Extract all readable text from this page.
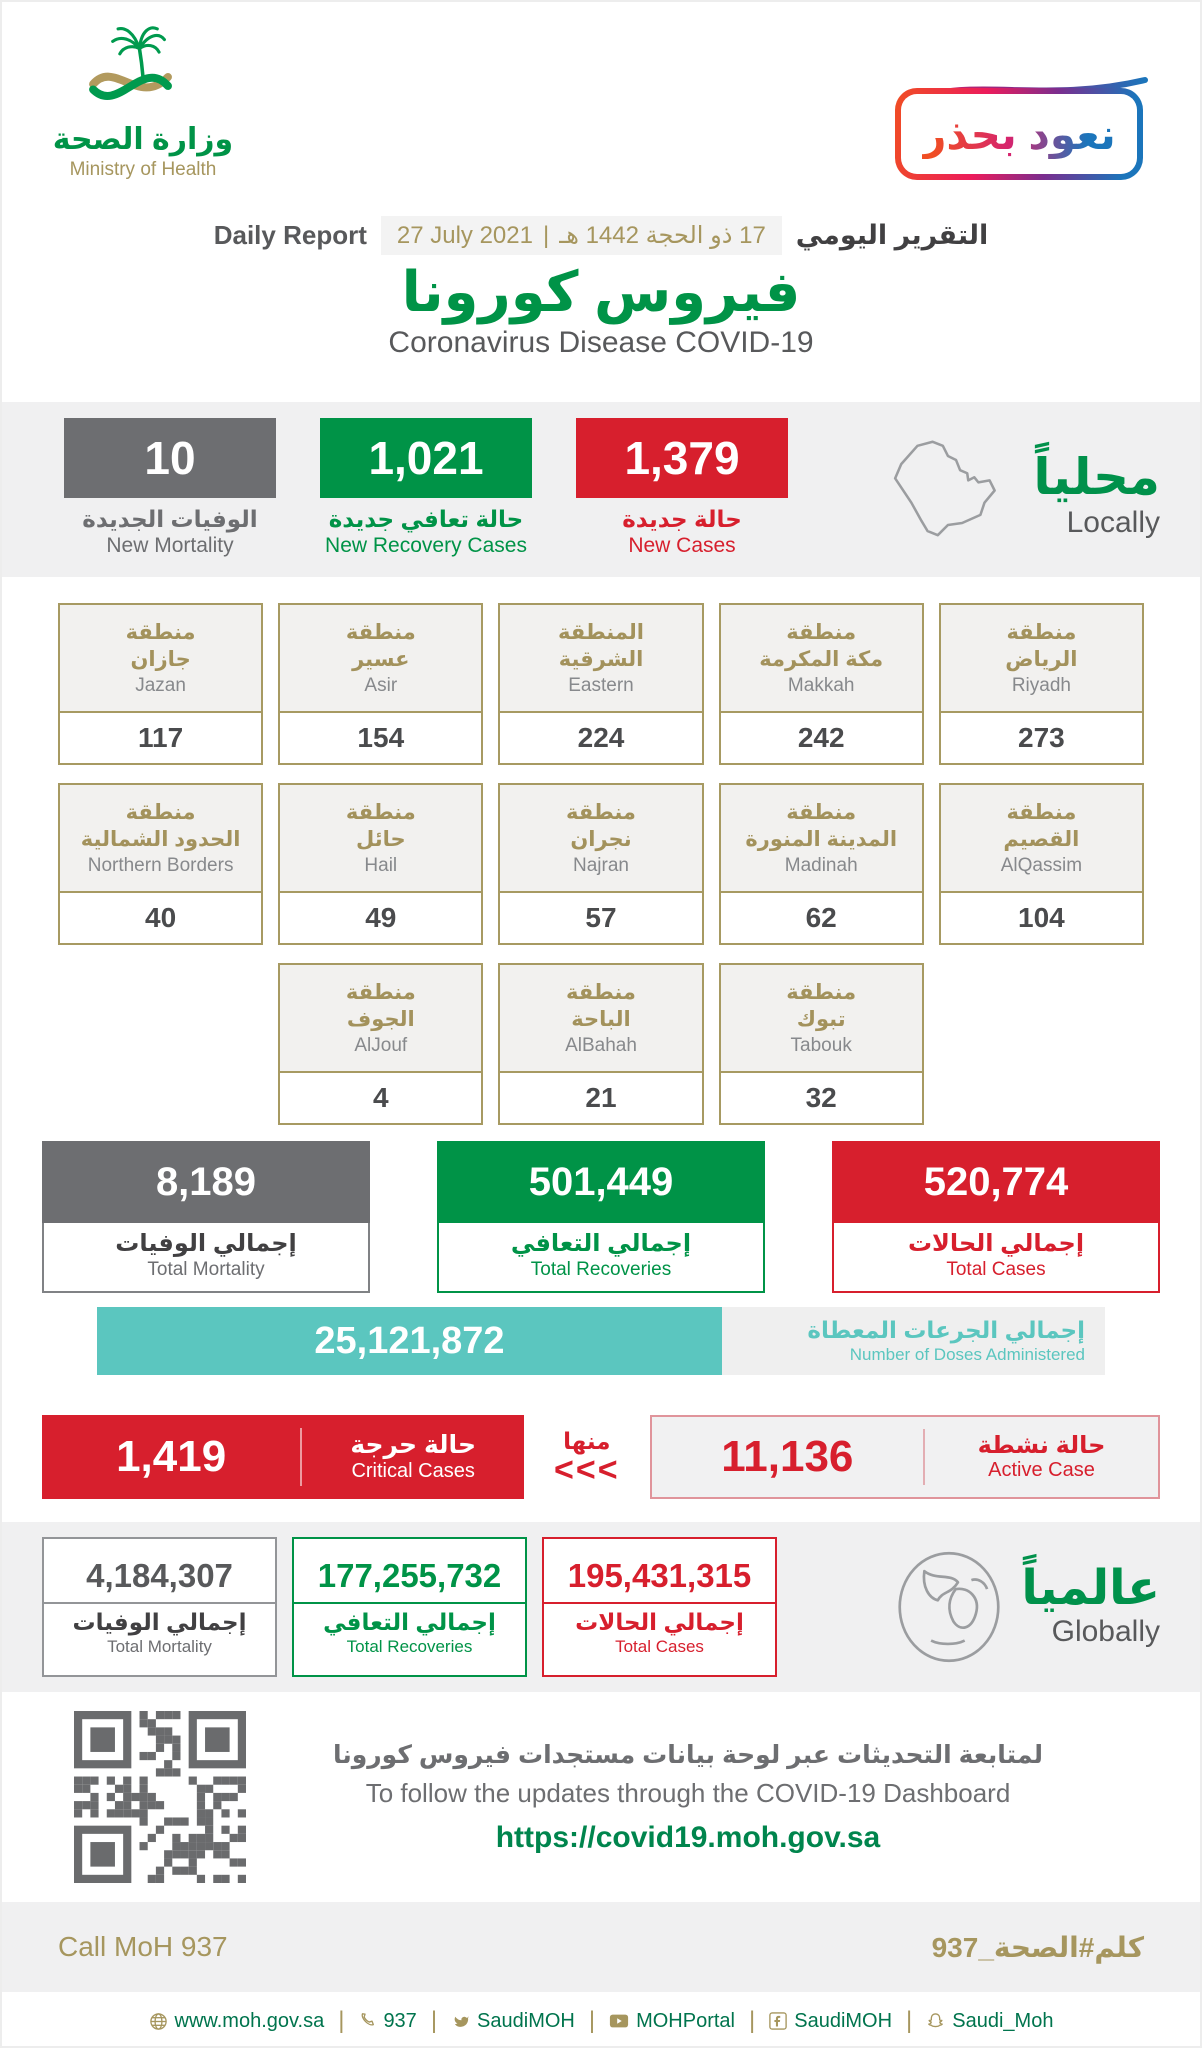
وزارة الصحة
Ministry of Health
نعود بحذر
Daily Report 27 July 2021 | 17 ذو الحجة 1442 هـ التقرير اليومي
فيروس كورونا
Coronavirus Disease COVID-19
10
الوفيات الجديدة
New Mortality
1,021
حالة تعافي جديدة
New Recovery Cases
1,379
حالة جديدة
New Cases
محلياً
Locally
منطقة
جازان
Jazan
117
منطقة
عسير
Asir
154
المنطقة
الشرقية
Eastern
224
منطقة
مكة المكرمة
Makkah
242
منطقة
الرياض
Riyadh
273
منطقة
الحدود الشمالية
Northern Borders
40
منطقة
حائل
Hail
49
منطقة
نجران
Najran
57
منطقة
المدينة المنورة
Madinah
62
منطقة
القصيم
AlQassim
104
منطقة
الجوف
AlJouf
4
منطقة
الباحة
AlBahah
21
منطقة
تبوك
Tabouk
32
8,189
إجمالي الوفيات
Total Mortality
501,449
إجمالي التعافي
Total Recoveries
520,774
إجمالي الحالات
Total Cases
25,121,872	إجمالي الجرعات المعطاة
Number of Doses Administered
1,419	حالة حرجة
Critical Cases
منها
<<<	11,136	حالة نشطة
Active Case
4,184,307
إجمالي الوفيات
Total Mortality
177,255,732
إجمالي التعافي
Total Recoveries
195,431,315
إجمالي الحالات
Total Cases
عالمياً
Globally
لمتابعة التحديثات عبر لوحة بيانات مستجدات فيروس كورونا
To follow the updates through the COVID-19 Dashboard
https://covid19.moh.gov.sa
Call MoH 937	كلم#الصحة_937
www.moh.gov.sa | 937 | SaudiMOH | MOHPortal | SaudiMOH | Saudi_Moh
